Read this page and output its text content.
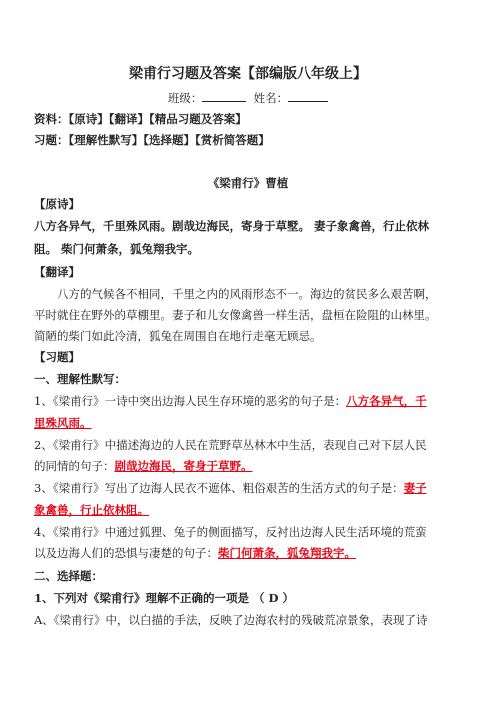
梁甫行习题及答案【部编版八年级上】
班级：	姓名：
资料：【原诗】【翻译】【精品习题及答案】
习题：【理解性默写】【选择题】【赏析简答题】
《梁甫行》曹植
【原诗】
八方各异气，千里殊风雨。剧哉边海民，寄身于草墅。 妻子象禽兽，行止依林
阻。 柴门何萧条，狐兔翔我宇。
【翻译】
八方的气候各不相同，千里之内的风雨形态不一。海边的贫民多么艰苦啊，
平时就住在野外的草棚里。妻子和儿女像禽兽一样生活，盘桓在险阻的山林里。
简陋的柴门如此冷清，狐兔在周围自在地行走毫无顾忌。
【习题】
一、理解性默写：
1、《梁甫行》一诗中突出边海人民生存环境的恶劣的句子是：八方各异气，千
里殊风雨。
2、《梁甫行》中描述海边的人民在荒野草丛林木中生活，表现自己对下层人民
的同情的句子：剧哉边海民，寄身于草野。
3、《梁甫行》写出了边海人民衣不遮体、粗俗艰苦的生活方式的句子是：妻子
象禽兽，行止依林阻。
4、《梁甫行》中通过狐狸、兔子的侧面描写，反衬出边海人民生活环境的荒蛮
以及边海人们的恐惧与凄楚的句子：柴门何萧条，狐兔翔我宇。
二、选择题：
1、下列对《梁甫行》理解不正确的一项是 （ D ）
A、《梁甫行》中，以白描的手法，反映了边海农村的残破荒凉景象，表现了诗
